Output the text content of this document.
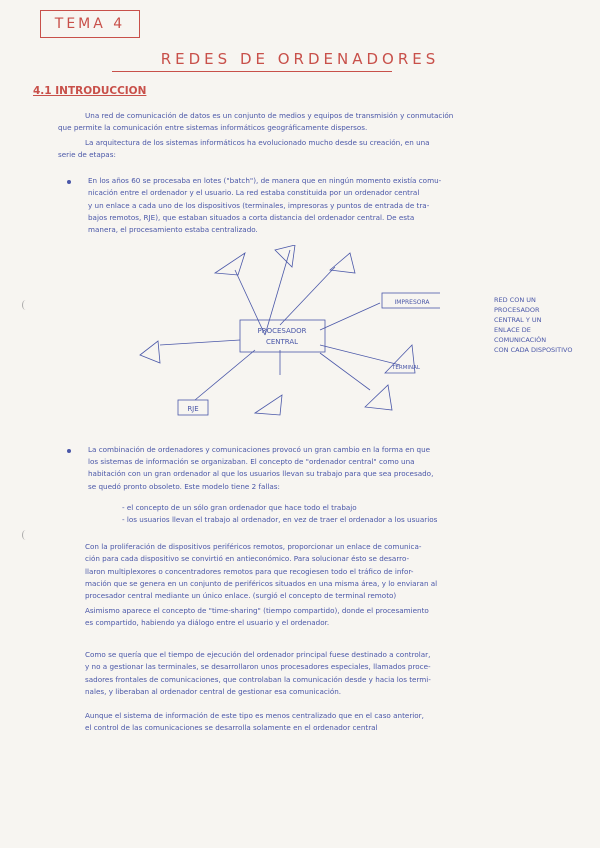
TEMA 4
REDES DE ORDENADORES
4.1 INTRODUCCION

Una red de comunicación de datos es un conjunto de medios y equipos de transmisión y conmutación

que permite la comunicación entre sistemas informáticos geográficamente dispersos.

La arquitectura de los sistemas informáticos ha evolucionado mucho desde su creación, en una

serie de etapas:

En los años 60 se procesaba en lotes ("batch"), de manera que en ningún momento existía comu-

nicación entre el ordenador y el usuario. La red estaba constituida por un ordenador central

y un enlace a cada uno de los dispositivos (terminales, impresoras y puntos de entrada de tra-

bajos remotos, RJE), que estaban situados a corta distancia del ordenador central. De esta

manera, el procesamiento estaba centralizado.

PROCESADOR
CENTRAL
IMPRESORA
TERMINAL
RJE
RED CON UN
PROCESADOR
CENTRAL Y UN
ENLACE DE
COMUNICACIÓN
CON CADA DISPOSITIVO

La combinación de ordenadores y comunicaciones provocó un gran cambio en la forma en que

los sistemas de información se organizaban. El concepto de "ordenador central" como una

habitación con un gran ordenador al que los usuarios llevan su trabajo para que sea procesado,

se quedó pronto obsoleto. Este modelo tiene 2 fallas:

- el concepto de un sólo gran ordenador que hace todo el trabajo

- los usuarios llevan el trabajo al ordenador, en vez de traer el ordenador a los usuarios

Con la proliferación de dispositivos periféricos remotos, proporcionar un enlace de comunica-

ción para cada dispositivo se convirtió en antieconómico. Para solucionar ésto se desarro-

llaron multiplexores o concentradores remotos para que recogiesen todo el tráfico de infor-

mación que se genera en un conjunto de periféricos situados en una misma área, y lo enviaran al

procesador central mediante un único enlace. (surgió el concepto de terminal remoto)

Asimismo aparece el concepto de "time-sharing" (tiempo compartido), donde el procesamiento

es compartido, habiendo ya diálogo entre el usuario y el ordenador.

Como se quería que el tiempo de ejecución del ordenador principal fuese destinado a controlar,

y no a gestionar las terminales, se desarrollaron unos procesadores especiales, llamados proce-

sadores frontales de comunicaciones, que controlaban la comunicación desde y hacia los termi-

nales, y liberaban al ordenador central de gestionar esa comunicación.

Aunque el sistema de información de este tipo es menos centralizado que en el caso anterior,

el control de las comunicaciones se desarrolla solamente en el ordenador central
